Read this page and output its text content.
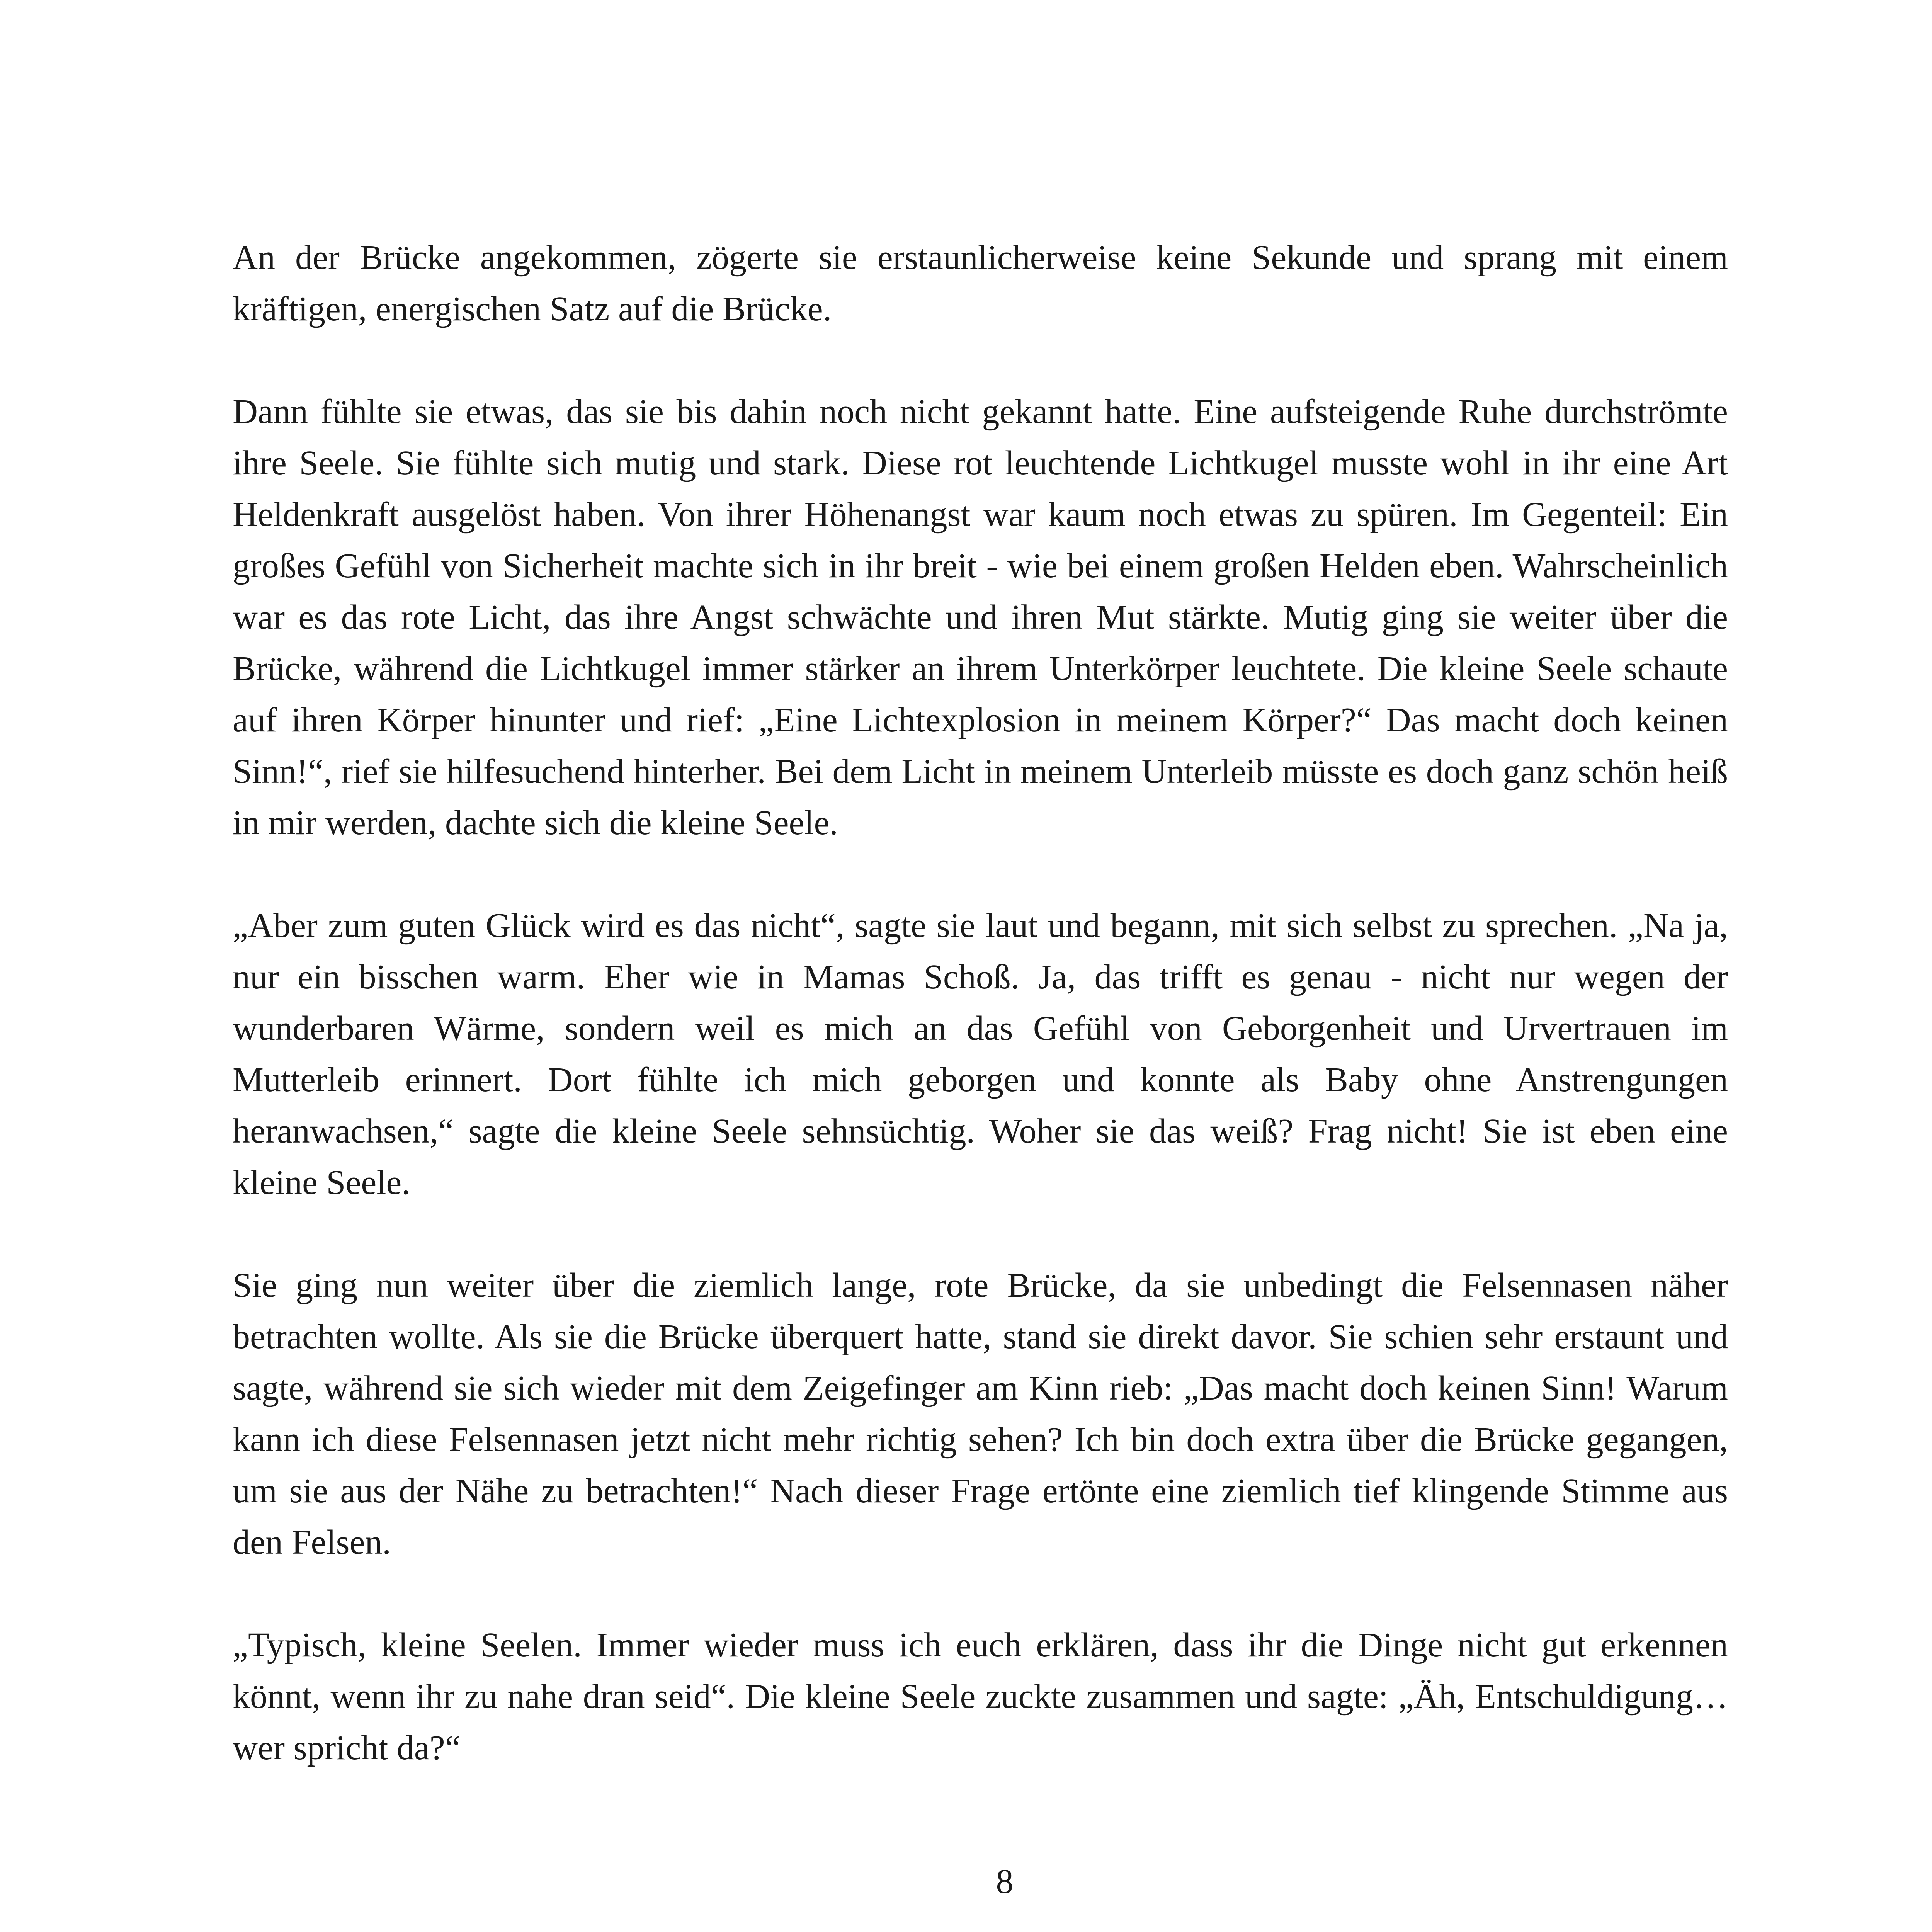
An der Brücke angekommen, zögerte sie erstaunlicherweise keine Sekunde und sprang mit einem kräftigen, energischen Satz auf die Brücke.

Dann fühlte sie etwas, das sie bis dahin noch nicht gekannt hatte. Eine aufsteigende Ruhe durchströmte ihre Seele. Sie fühlte sich mutig und stark. Diese rot leuchtende Lichtkugel musste wohl in ihr eine Art Heldenkraft ausgelöst haben. Von ihrer Höhenangst war kaum noch etwas zu spüren. Im Gegenteil: Ein großes Gefühl von Sicherheit machte sich in ihr breit - wie bei einem großen Helden eben. Wahrscheinlich war es das rote Licht, das ihre Angst schwächte und ihren Mut stärkte. Mutig ging sie weiter über die Brücke, während die Lichtkugel immer stärker an ihrem Unterkörper leuchtete. Die kleine Seele schaute auf ihren Körper hinunter und rief: „Eine Lichtexplosion in meinem Körper?“ Das macht doch keinen Sinn!“, rief sie hilfesuchend hinterher. Bei dem Licht in meinem Unterleib müsste es doch ganz schön heiß in mir werden, dachte sich die kleine Seele.

„Aber zum guten Glück wird es das nicht“, sagte sie laut und begann, mit sich selbst zu sprechen. „Na ja, nur ein bisschen warm. Eher wie in Mamas Schoß. Ja, das trifft es genau - nicht nur wegen der wunderbaren Wärme, sondern weil es mich an das Gefühl von Geborgenheit und Urvertrauen im Mutterleib erinnert. Dort fühlte ich mich geborgen und konnte als Baby ohne Anstrengungen heranwachsen,“ sagte die kleine Seele sehnsüchtig. Woher sie das weiß? Frag nicht! Sie ist eben eine kleine Seele.

Sie ging nun weiter über die ziemlich lange, rote Brücke, da sie unbedingt die Felsennasen näher betrachten wollte. Als sie die Brücke überquert hatte, stand sie direkt davor. Sie schien sehr erstaunt und sagte, während sie sich wieder mit dem Zeigefinger am Kinn rieb: „Das macht doch keinen Sinn! Warum kann ich diese Felsennasen jetzt nicht mehr richtig sehen? Ich bin doch extra über die Brücke gegangen, um sie aus der Nähe zu betrachten!“ Nach dieser Frage ertönte eine ziemlich tief klingende Stimme aus den Felsen.

„Typisch, kleine Seelen. Immer wieder muss ich euch erklären, dass ihr die Dinge nicht gut erkennen könnt, wenn ihr zu nahe dran seid“. Die kleine Seele zuckte zusammen und sagte: „Äh, Entschuldigung… wer spricht da?“

8
